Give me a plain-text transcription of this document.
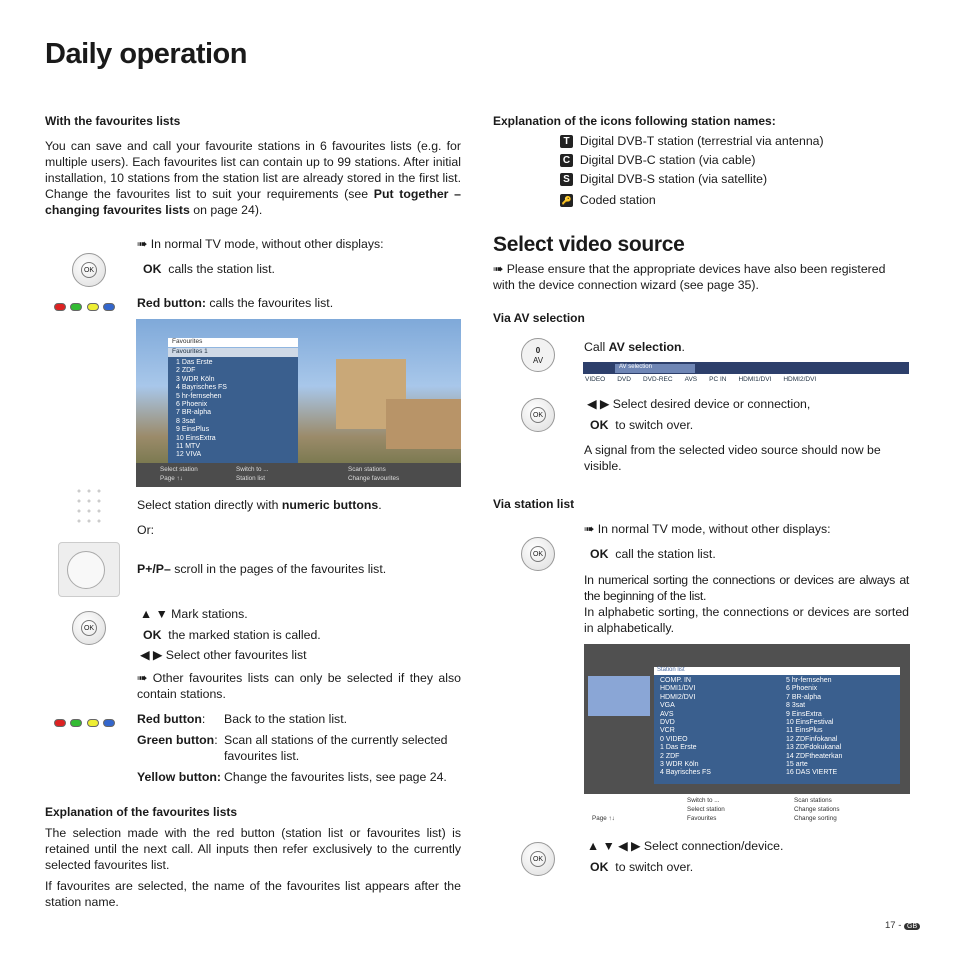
Daily operation
With the favourites lists
You can save and call your favourite stations in 6 favourites lists (e.g. for multiple users). Each favourites list can contain up to 99 stations. After initial installation, 10 stations from the station list are already stored in the first list. Change the favourites list to suit your requirements (see Put together – changing favourites lists on page 24).
OK
➠ In normal TV mode, without other displays:
OK calls the station list.

Red button: calls the favourites list.
Favourites
Favourites 1
1 Das Erste
2 ZDF
3 WDR Köln
4 Bayrisches FS
5 hr-fernsehen
6 Phoenix
7 BR-alpha
8 3sat
9 EinsPlus
10 EinsExtra
11 MTV
12 VIVA
Select station
Page ↑↓
Switch to ...
Station list
Scan stations
Change favourites
Select station directly with numeric buttons.
Or:
P+/P– scroll in the pages of the favourites list.
OK
▲ ▼ Mark stations.
OK the marked station is called.
◀ ▶ Select other favourites list
➠ Other favourites lists can only be selected if they also contain stations.

Red button: Back to the station list.
Green button: Scan all stations of the currently selected favourites list.
Yellow button: Change the favourites lists, see page 24.
Explanation of the favourites lists
The selection made with the red button (station list or favourites list) is retained until the next call. All inputs then refer exclusively to the currently selected favourites list.
If favourites are selected, the name of the favourites list appears after the station name.
Explanation of the icons following station names:
T Digital DVB-T station (terrestrial via antenna)
C Digital DVB-C station (via cable)
S Digital DVB-S station (via satellite)
🔑 Coded station
Select video source
➠ Please ensure that the appropriate devices have also been registered with the device connection wizard (see page 35).
Via AV selection
0
AV
Call AV selection.
AV selection
VIDEO DVD DVD-REC AVS PC IN HDMI1/DVI HDMI2/DVI
OK
◀ ▶ Select desired device or connection,
OK to switch over.
A signal from the selected video source should now be visible.
Via station list
OK
➠ In normal TV mode, without other displays:
OK call the station list.
In numerical sorting the connections or devices are always at the beginning of the list.
In alphabetic sorting, the connections or devices are sorted in alphabetically.
Station list
COMP. IN
HDMI1/DVI
HDMI2/DVI
VGA
AVS
DVD
VCR
0 VIDEO
1 Das Erste
2 ZDF
3 WDR Köln
4 Bayrisches FS
5 hr-fernsehen
6 Phoenix
7 BR-alpha
8 3sat
9 EinsExtra
10 EinsFestival
11 EinsPlus
12 ZDFinfokanal
13 ZDFdokukanal
14 ZDFtheaterkan
15 arte
16 DAS VIERTE
Switch to ...
Select station
Favourites
Scan stations
Change stations
Change sorting
Page ↑↓
OK
▲ ▼ ◀ ▶ Select connection/device.
OK to switch over.
17 - GB
